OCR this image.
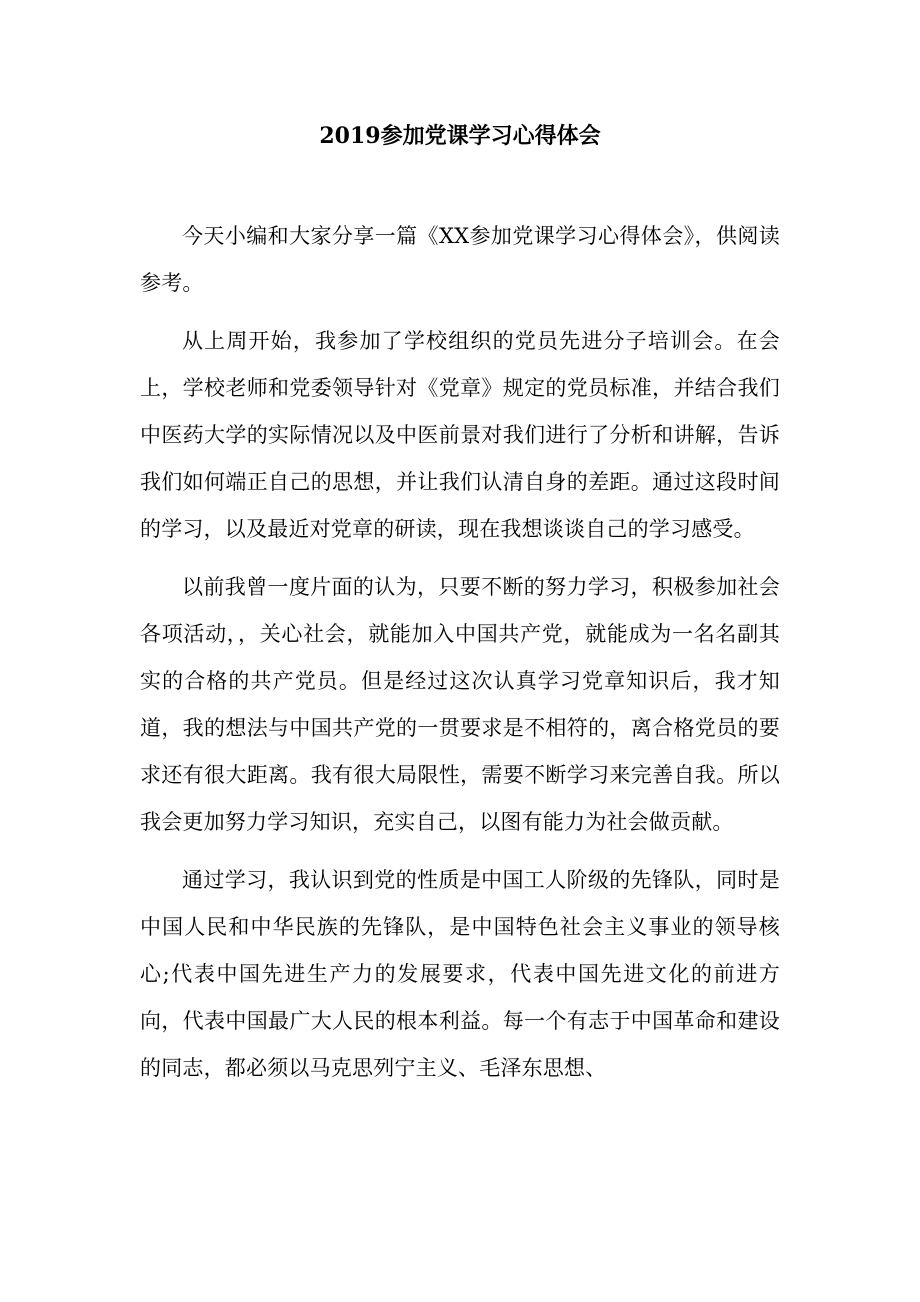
2019参加党课学习心得体会

今天小编和大家分享一篇《XX参加党课学习心得体会》，供阅读参考。

从上周开始，我参加了学校组织的党员先进分子培训会。在会上，学校老师和党委领导针对《党章》规定的党员标准，并结合我们中医药大学的实际情况以及中医前景对我们进行了分析和讲解，告诉我们如何端正自己的思想，并让我们认清自身的差距。通过这段时间的学习，以及最近对党章的研读，现在我想谈谈自己的学习感受。

以前我曾一度片面的认为，只要不断的努力学习，积极参加社会各项活动，，关心社会，就能加入中国共产党，就能成为一名名副其实的合格的共产党员。但是经过这次认真学习党章知识后，我才知道，我的想法与中国共产党的一贯要求是不相符的，离合格党员的要求还有很大距离。我有很大局限性，需要不断学习来完善自我。所以我会更加努力学习知识，充实自己，以图有能力为社会做贡献。

通过学习，我认识到党的性质是中国工人阶级的先锋队，同时是中国人民和中华民族的先锋队，是中国特色社会主义事业的领导核心;代表中国先进生产力的发展要求，代表中国先进文化的前进方向，代表中国最广大人民的根本利益。每一个有志于中国革命和建设的同志，都必须以马克思列宁主义、毛泽东思想、
